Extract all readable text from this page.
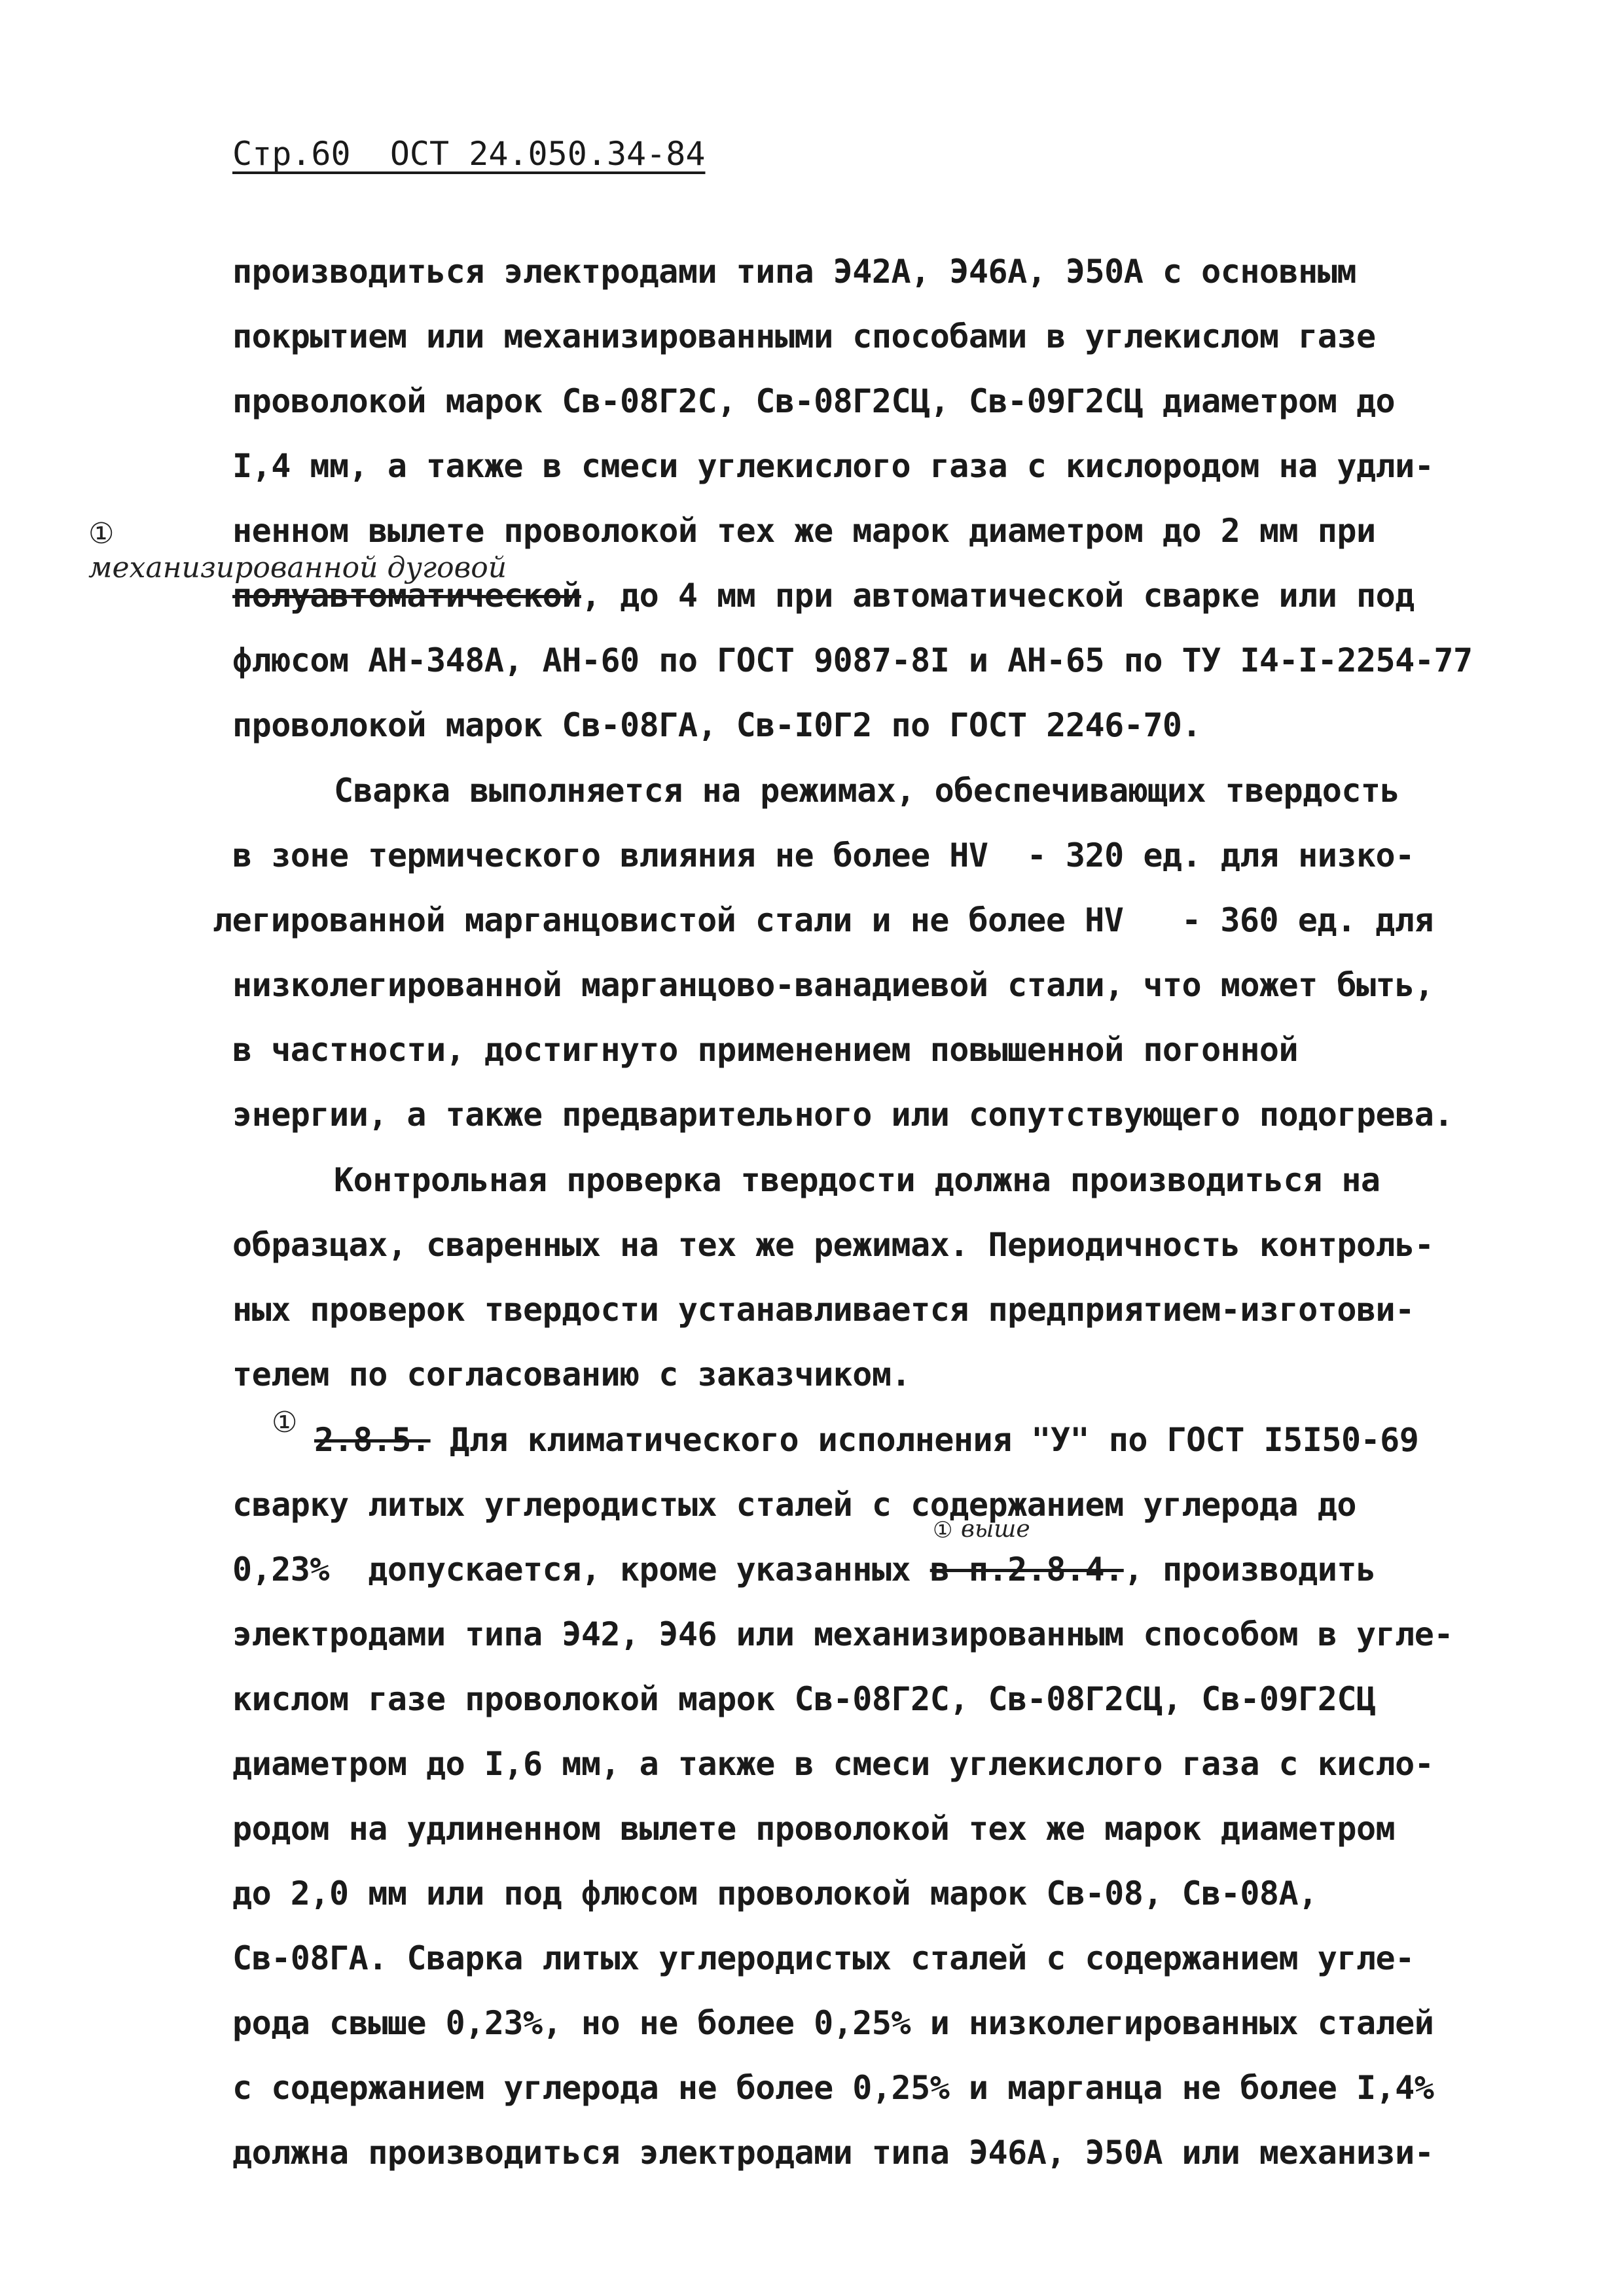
Стр.60  ОСТ 24.050.34-84
①
механизированной дуговой
производиться электродами типа Э42А, Э46А, Э50А с основным
покрытием или механизированными способами в углекислом газе
проволокой марок Св-08Г2С, Св-08Г2СЦ, Св-09Г2СЦ диаметром до
I,4 мм, а также в смеси углекислого газа с кислородом на удли-
ненном вылете проволокой тех же марок диаметром до 2 мм при
полуавтоматической, до 4 мм при автоматической сварке или под
флюсом АН-348А, АН-60 по ГОСТ 9087-8I и АН-65 по ТУ I4-I-2254-77
проволокой марок Св-08ГА, Св-I0Г2 по ГОСТ 2246-70.
Сварка выполняется на режимах, обеспечивающих твердость
в зоне термического влияния не более HV  - 320 ед. для низко-
легированной марганцовистой стали и не более HV   - 360 ед. для
низколегированной марганцово-ванадиевой стали, что может быть,
в частности, достигнуто применением повышенной погонной
энергии, а также предварительного или сопутствующего подогрева.
Контрольная проверка твердости должна производиться на
образцах, сваренных на тех же режимах. Периодичность контроль-
ных проверок твердости устанавливается предприятием-изготови-
телем по согласованию с заказчиком.
① 2.8.5. Для климатического исполнения "У" по ГОСТ I5I50-69
сварку литых углеродистых сталей с содержанием углерода до
① выше
0,23%  допускается, кроме указанных в п.2.8.4., производить
электродами типа Э42, Э46 или механизированным способом в угле-
кислом газе проволокой марок Св-08Г2С, Св-08Г2СЦ, Св-09Г2СЦ
диаметром до I,6 мм, а также в смеси углекислого газа с кисло-
родом на удлиненном вылете проволокой тех же марок диаметром
до 2,0 мм или под флюсом проволокой марок Св-08, Св-08А,
Св-08ГА. Сварка литых углеродистых сталей с содержанием угле-
рода свыше 0,23%, но не более 0,25% и низколегированных сталей
с содержанием углерода не более 0,25% и марганца не более I,4%
должна производиться электродами типа Э46А, Э50А или механизи-
